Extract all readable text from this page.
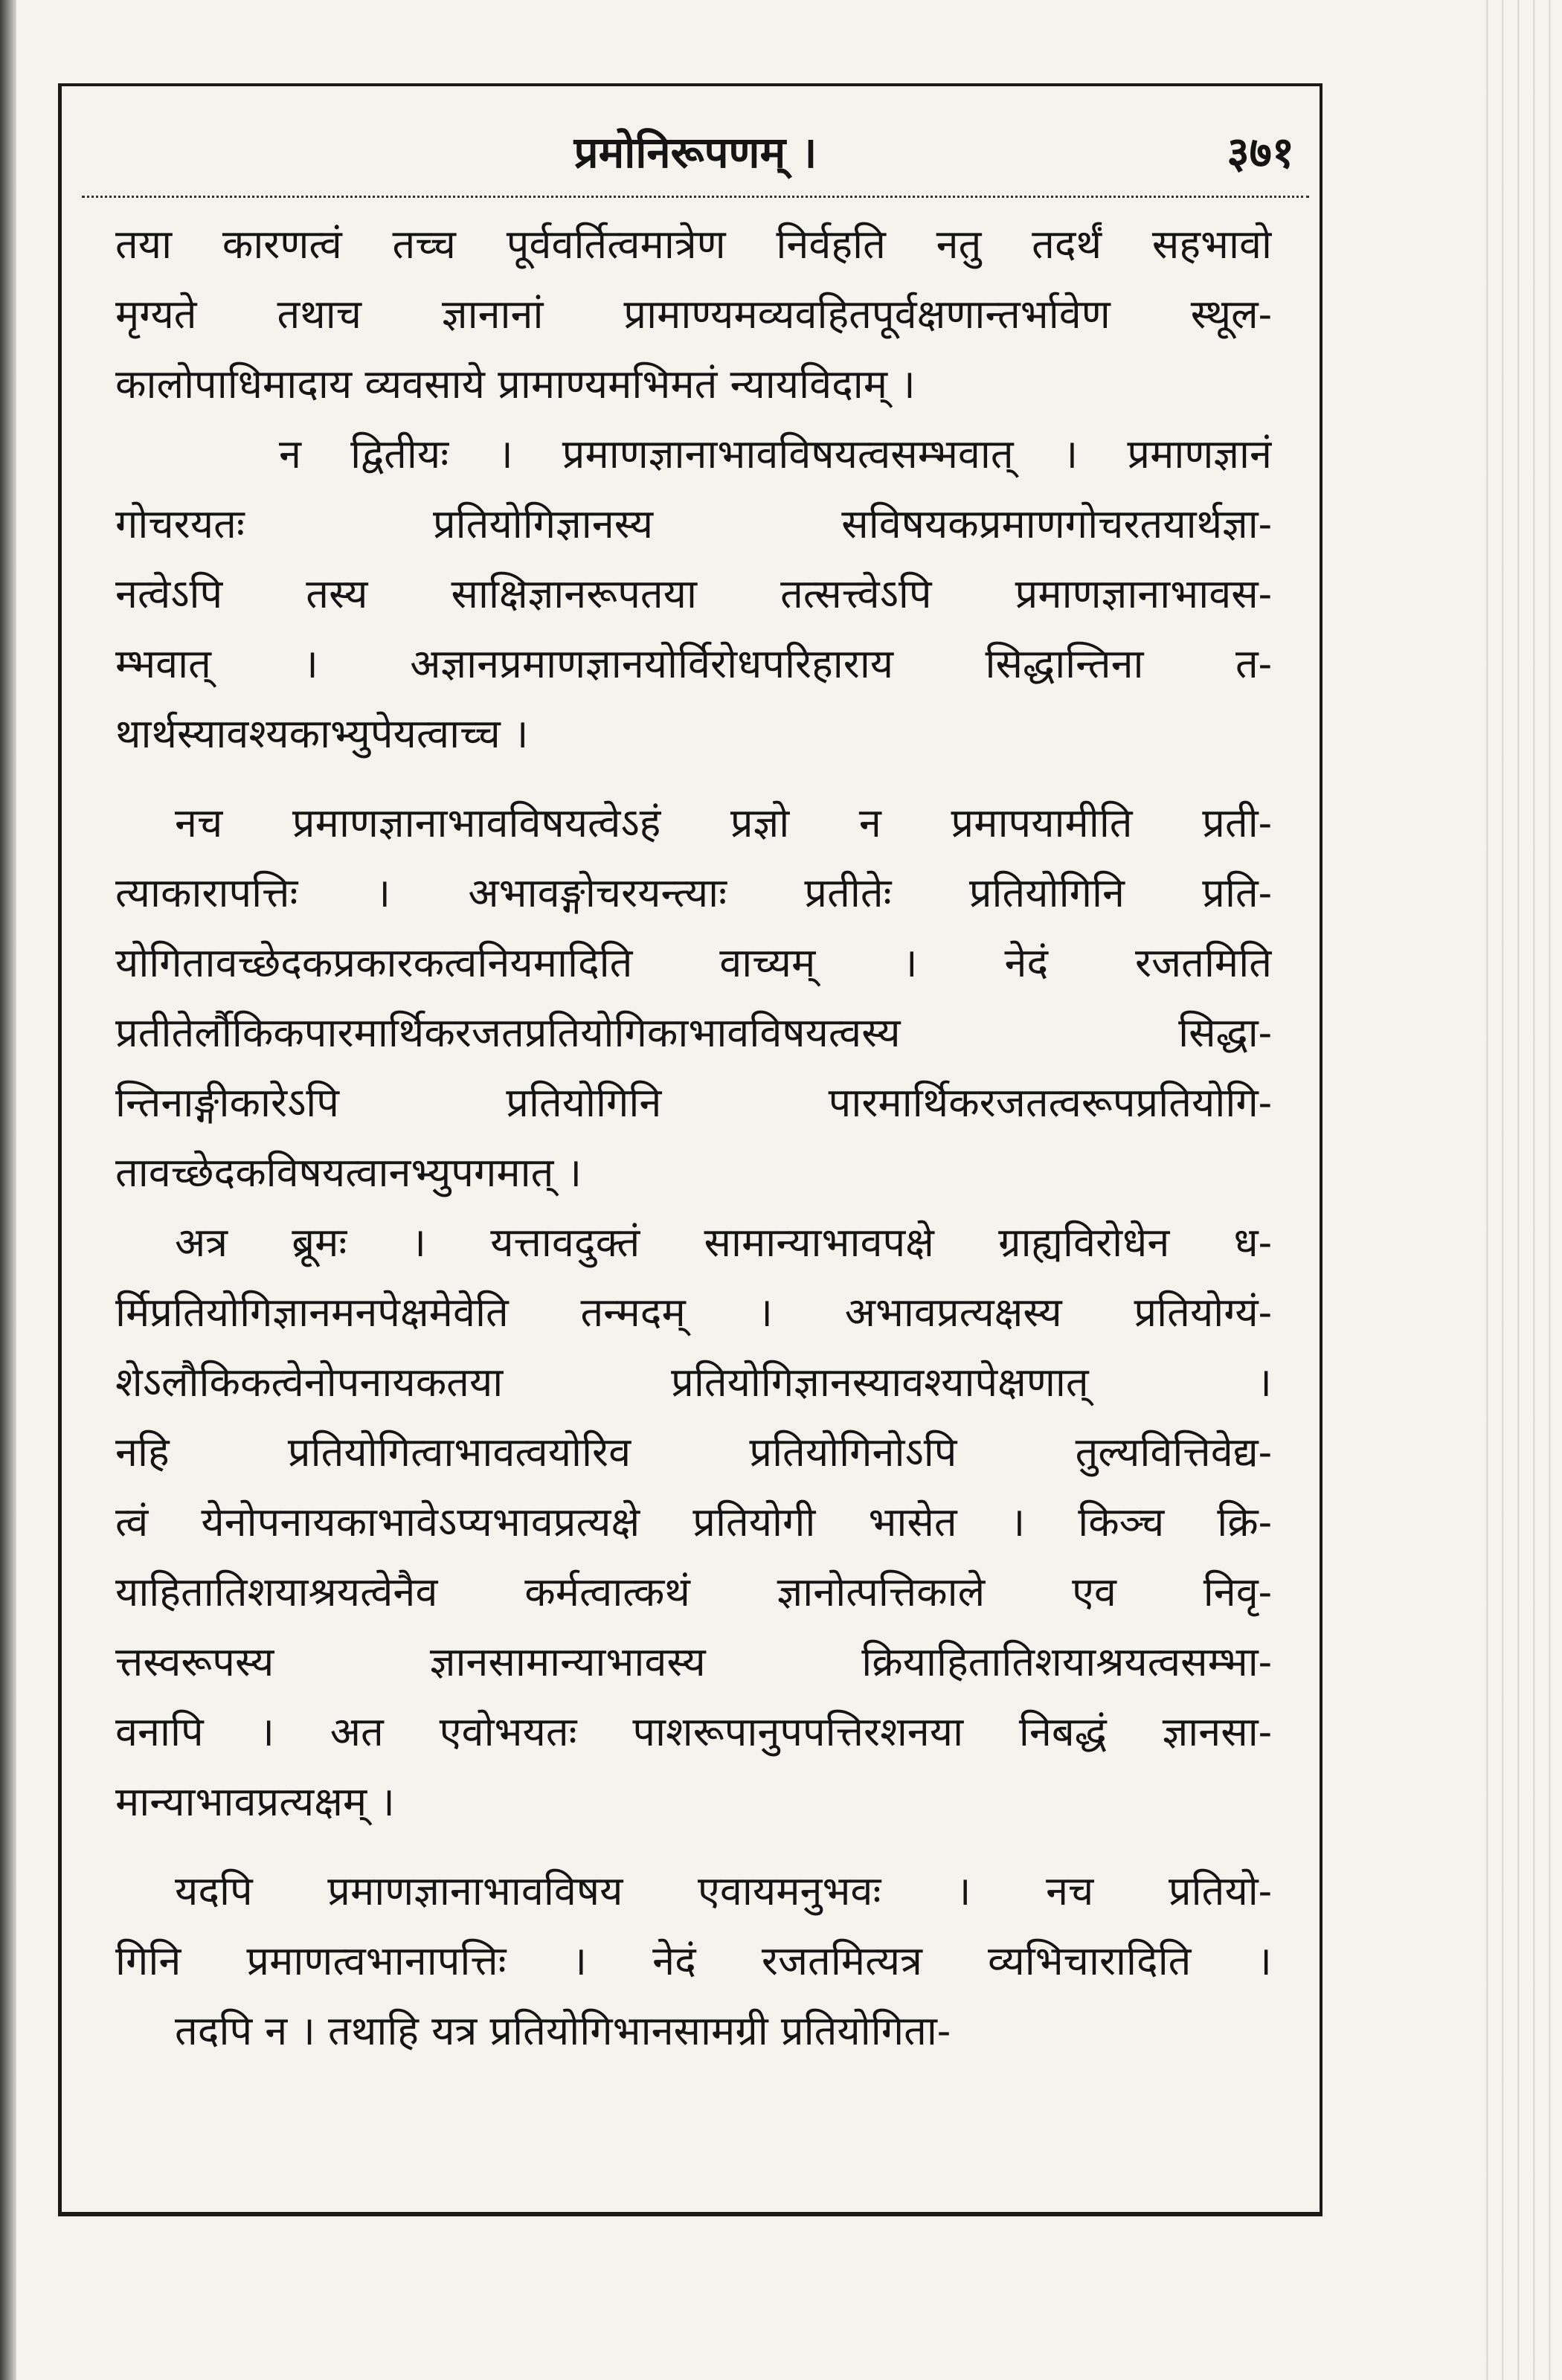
प्रमोनिरूपणम् ।	३७१
तया कारणत्वं तच्च पूर्ववर्तित्वमात्रेण निर्वहति नतु तदर्थं सहभावो
मृग्यते तथाच ज्ञानानां प्रामाण्यमव्यवहितपूर्वक्षणान्तर्भावेण स्थूल-
कालोपाधिमादाय व्यवसाये प्रामाण्यमभिमतं न्यायविदाम् ।
न द्वितीयः । प्रमाणज्ञानाभावविषयत्वसम्भवात् । प्रमाणज्ञानं
गोचरयतः प्रतियोगिज्ञानस्य सविषयकप्रमाणगोचरतयार्थज्ञा-
नत्वेऽपि तस्य साक्षिज्ञानरूपतया तत्सत्त्वेऽपि प्रमाणज्ञानाभावस-
म्भवात् । अज्ञानप्रमाणज्ञानयोर्विरोधपरिहाराय सिद्धान्तिना त-
थार्थस्यावश्यकाभ्युपेयत्वाच्च ।
नच प्रमाणज्ञानाभावविषयत्वेऽहं प्रज्ञो न प्रमापयामीति प्रती-
त्याकारापत्तिः । अभावङ्गोचरयन्त्याः प्रतीतेः प्रतियोगिनि प्रति-
योगितावच्छेदकप्रकारकत्वनियमादिति वाच्यम् । नेदं रजतमिति
प्रतीतेर्लौकिकपारमार्थिकरजतप्रतियोगिकाभावविषयत्वस्य सिद्धा-
न्तिनाङ्गीकारेऽपि प्रतियोगिनि पारमार्थिकरजतत्वरूपप्रतियोगि-
तावच्छेदकविषयत्वानभ्युपगमात् ।
अत्र ब्रूमः । यत्तावदुक्तं सामान्याभावपक्षे ग्राह्यविरोधेन ध-
र्मिप्रतियोगिज्ञानमनपेक्षमेवेति तन्मदम् । अभावप्रत्यक्षस्य प्रतियोग्यं-
शेऽलौकिकत्वेनोपनायकतया प्रतियोगिज्ञानस्यावश्यापेक्षणात् ।
नहि प्रतियोगित्वाभावत्वयोरिव प्रतियोगिनोऽपि तुल्यवित्तिवेद्य-
त्वं येनोपनायकाभावेऽप्यभावप्रत्यक्षे प्रतियोगी भासेत । किञ्च क्रि-
याहितातिशयाश्रयत्वेनैव कर्मत्वात्कथं ज्ञानोत्पत्तिकाले एव निवृ-
त्तस्वरूपस्य ज्ञानसामान्याभावस्य क्रियाहितातिशयाश्रयत्वसम्भा-
वनापि । अत एवोभयतः पाशरूपानुपपत्तिरशनया निबद्धं ज्ञानसा-
मान्याभावप्रत्यक्षम् ।
यदपि प्रमाणज्ञानाभावविषय एवायमनुभवः । नच प्रतियो-
गिनि प्रमाणत्वभानापत्तिः । नेदं रजतमित्यत्र व्यभिचारादिति ।
तदपि न । तथाहि यत्र प्रतियोगिभानसामग्री प्रतियोगिता-
